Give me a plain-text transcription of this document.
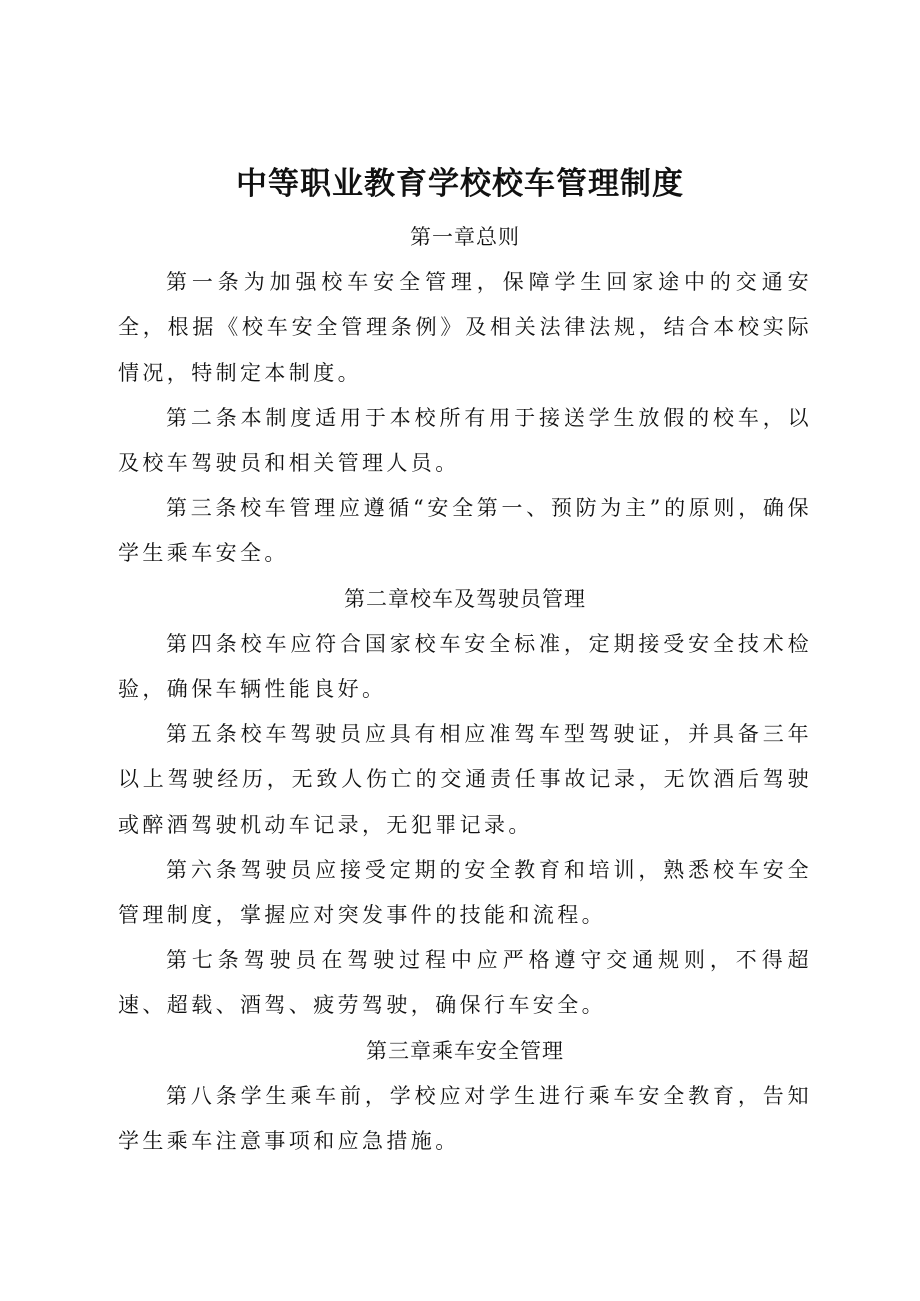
中等职业教育学校校车管理制度

第一章总则

第一条为加强校车安全管理，保障学生回家途中的交通安全，根据《校车安全管理条例》及相关法律法规，结合本校实际情况，特制定本制度。

第二条本制度适用于本校所有用于接送学生放假的校车，以及校车驾驶员和相关管理人员。

第三条校车管理应遵循“安全第一、预防为主”的原则，确保学生乘车安全。

第二章校车及驾驶员管理

第四条校车应符合国家校车安全标准，定期接受安全技术检验，确保车辆性能良好。

第五条校车驾驶员应具有相应准驾车型驾驶证，并具备三年以上驾驶经历，无致人伤亡的交通责任事故记录，无饮酒后驾驶或醉酒驾驶机动车记录，无犯罪记录。

第六条驾驶员应接受定期的安全教育和培训，熟悉校车安全管理制度，掌握应对突发事件的技能和流程。

第七条驾驶员在驾驶过程中应严格遵守交通规则，不得超速、超载、酒驾、疲劳驾驶，确保行车安全。

第三章乘车安全管理

第八条学生乘车前，学校应对学生进行乘车安全教育，告知学生乘车注意事项和应急措施。
